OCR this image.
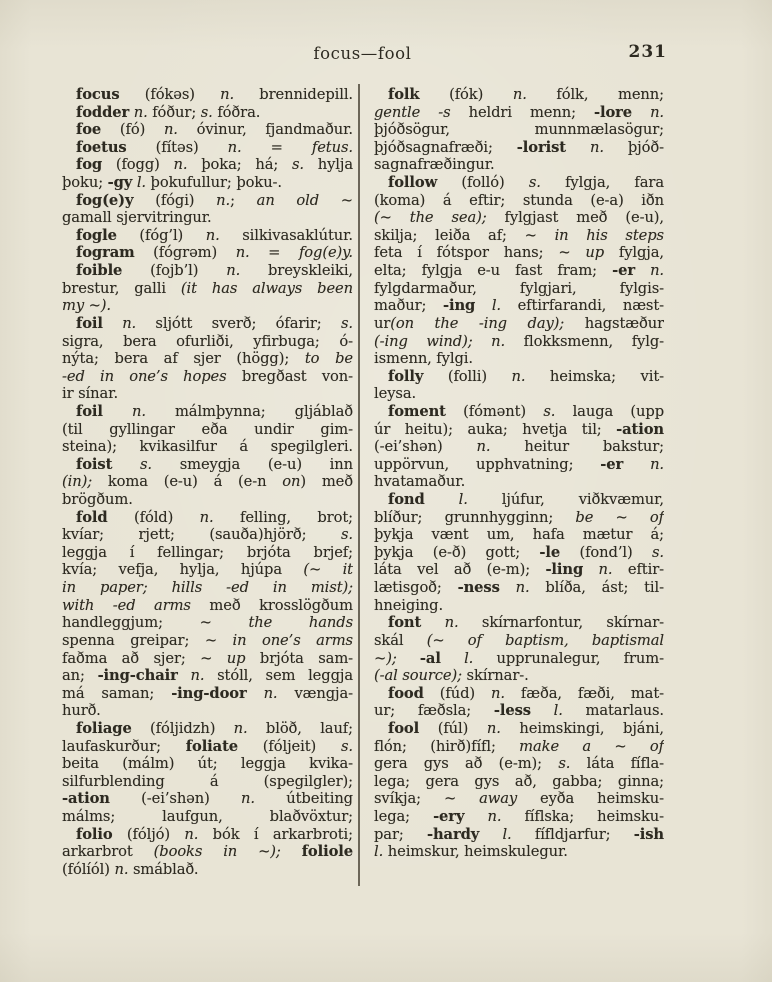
focus—fool	231
focus (fókəs) n. brennidepill.
fodder n. fóður; s. fóðra.
foe (fó) n. óvinur, fjandmaður.
foetus (fítəs) n. = fetus.
fog (fogg) n. þoka; há; s. hylja
þoku; -gy l. þokufullur; þoku-.
fog(e)y (fógi) n.; an old ~
gamall sjervitringur.
fogle (fóg’l) n. silkivasaklútur.
fogram (fógrəm) n. = fog(e)y.
foible (fojb’l) n. breyskleiki,
brestur, galli (it has always been
my ~).
foil n. sljótt sverð; ófarir; s.
sigra, bera ofurliði, yfirbuga; ó-
nýta; bera af sjer (högg); to be
-ed in one’s hopes bregðast von-
ir sínar.
foil n. málmþynna; gljáblað
(til gyllingar eða undir gim-
steina); kvikasilfur á spegilgleri.
foist s. smeygja (e-u) inn
(in); koma (e-u) á (e-n on) með
brögðum.
fold (fóld) n. felling, brot;
kvíar; rjett; (sauða)hjörð; s.
leggja í fellingar; brjóta brjef;
kvía; vefja, hylja, hjúpa (~ it
in paper; hills -ed in mist);
with -ed arms með krosslögðum
handleggjum; ~ the hands
spenna greipar; ~ in one’s arms
faðma að sjer; ~ up brjóta sam-
an; -ing-chair n. stóll, sem leggja
má saman; -ing-door n. vængja-
hurð.
foliage (fóljidzh) n. blöð, lauf;
laufaskurður; foliate (fóljeit) s.
beita (málm) út; leggja kvika-
silfurblending á (spegilgler);
-ation (-ei’shən) n. útbeiting
málms; laufgun, blaðvöxtur;
folio (fóljó) n. bók í arkarbroti;
arkarbrot (books in ~); foliole
(fólíól) n. smáblað.
folk (fók) n. fólk, menn;
gentle -s heldri menn; -lore n.
þjóðsögur, munnmælasögur;
þjóðsagnafræði; -lorist n. þjóð-
sagnafræðingur.
follow (folló) s. fylgja, fara
(koma) á eftir; stunda (e-a) iðn
(~ the sea); fylgjast með (e-u),
skilja; leiða af; ~ in his steps
feta í fótspor hans; ~ up fylgja,
elta; fylgja e-u fast fram; -er n.
fylgdarmaður, fylgjari, fylgis-
maður; -ing l. eftirfarandi, næst-
ur(on the -ing day); hagstæður
(-ing wind); n. flokksmenn, fylg-
ismenn, fylgi.
folly (folli) n. heimska; vit-
leysa.
foment (fómənt) s. lauga (upp
úr heitu); auka; hvetja til; -ation
(-ei’shən) n. heitur bakstur;
uppörvun, upphvatning; -er n.
hvatamaður.
fond l. ljúfur, viðkvæmur,
blíður; grunnhygginn; be ~ of
þykja vænt um, hafa mætur á;
þykja (e-ð) gott; -le (fond’l) s.
láta vel að (e-m); -ling n. eftir-
lætisgoð; -ness n. blíða, ást; til-
hneiging.
font n. skírnarfontur, skírnar-
skál (~ of baptism, baptismal
~); -al l. upprunalegur, frum-
(-al source); skírnar-.
food (fúd) n. fæða, fæði, mat-
ur; fæðsla; -less l. matarlaus.
fool (fúl) n. heimskingi, bjáni,
flón; (hirð)fífl; make a ~ of
gera gys að (e-m); s. láta fífla-
lega; gera gys að, gabba; ginna;
svíkja; ~ away eyða heimsku-
lega; -ery n. fíflska; heimsku-
par; -hardy l. fífldjarfur; -ish
l. heimskur, heimskulegur.
